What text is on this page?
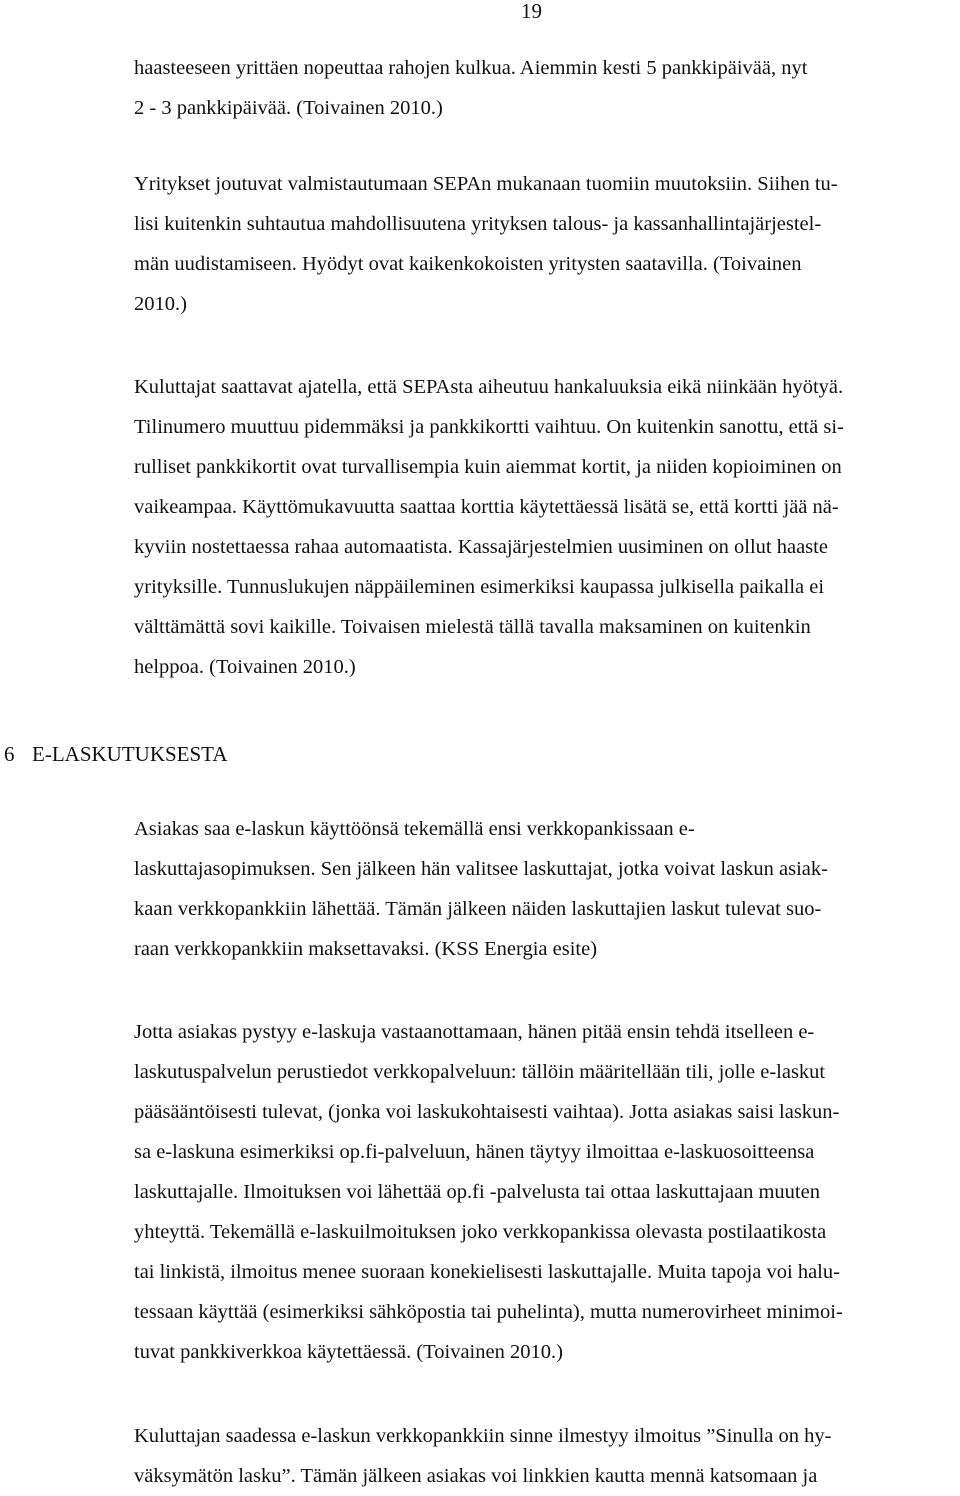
19
haasteeseen yrittäen nopeuttaa rahojen kulkua. Aiemmin kesti 5 pankkipäivää, nyt
2 - 3 pankkipäivää. (Toivainen 2010.)
Yritykset joutuvat valmistautumaan SEPAn mukanaan tuomiin muutoksiin. Siihen tu-
lisi kuitenkin suhtautua mahdollisuutena yrityksen talous- ja kassanhallintajärjestel-
män uudistamiseen. Hyödyt ovat kaikenkokoisten yritysten saatavilla. (Toivainen
2010.)
Kuluttajat saattavat ajatella, että SEPAsta aiheutuu hankaluuksia eikä niinkään hyötyä.
Tilinumero muuttuu pidemmäksi ja pankkikortti vaihtuu. On kuitenkin sanottu, että si-
rulliset pankkikortit ovat turvallisempia kuin aiemmat kortit, ja niiden kopioiminen on
vaikeampaa. Käyttömukavuutta saattaa korttia käytettäessä lisätä se, että kortti jää nä-
kyviin nostettaessa rahaa automaatista. Kassajärjestelmien uusiminen on ollut haaste
yrityksille. Tunnuslukujen näppäileminen esimerkiksi kaupassa julkisella paikalla ei
välttämättä sovi kaikille. Toivaisen mielestä tällä tavalla maksaminen on kuitenkin
helppoa. (Toivainen 2010.)
6 E-LASKUTUKSESTA
Asiakas saa e-laskun käyttöönsä tekemällä ensi verkkopankissaan e-
laskuttajasopimuksen. Sen jälkeen hän valitsee laskuttajat, jotka voivat laskun asiak-
kaan verkkopankkiin lähettää. Tämän jälkeen näiden laskuttajien laskut tulevat suo-
raan verkkopankkiin maksettavaksi. (KSS Energia esite)
Jotta asiakas pystyy e-laskuja vastaanottamaan, hänen pitää ensin tehdä itselleen e-
laskutuspalvelun perustiedot verkkopalveluun: tällöin määritellään tili, jolle e-laskut
pääsääntöisesti tulevat, (jonka voi laskukohtaisesti vaihtaa). Jotta asiakas saisi laskun-
sa e-laskuna esimerkiksi op.fi-palveluun, hänen täytyy ilmoittaa e-laskuosoitteensa
laskuttajalle. Ilmoituksen voi lähettää op.fi -palvelusta tai ottaa laskuttajaan muuten
yhteyttä. Tekemällä e-laskuilmoituksen joko verkkopankissa olevasta postilaatikosta
tai linkistä, ilmoitus menee suoraan konekielisesti laskuttajalle. Muita tapoja voi halu-
tessaan käyttää (esimerkiksi sähköpostia tai puhelinta), mutta numerovirheet minimoi-
tuvat pankkiverkkoa käytettäessä. (Toivainen 2010.)
Kuluttajan saadessa e-laskun verkkopankkiin sinne ilmestyy ilmoitus ”Sinulla on hy-
väksymätön lasku”. Tämän jälkeen asiakas voi linkkien kautta mennä katsomaan ja
